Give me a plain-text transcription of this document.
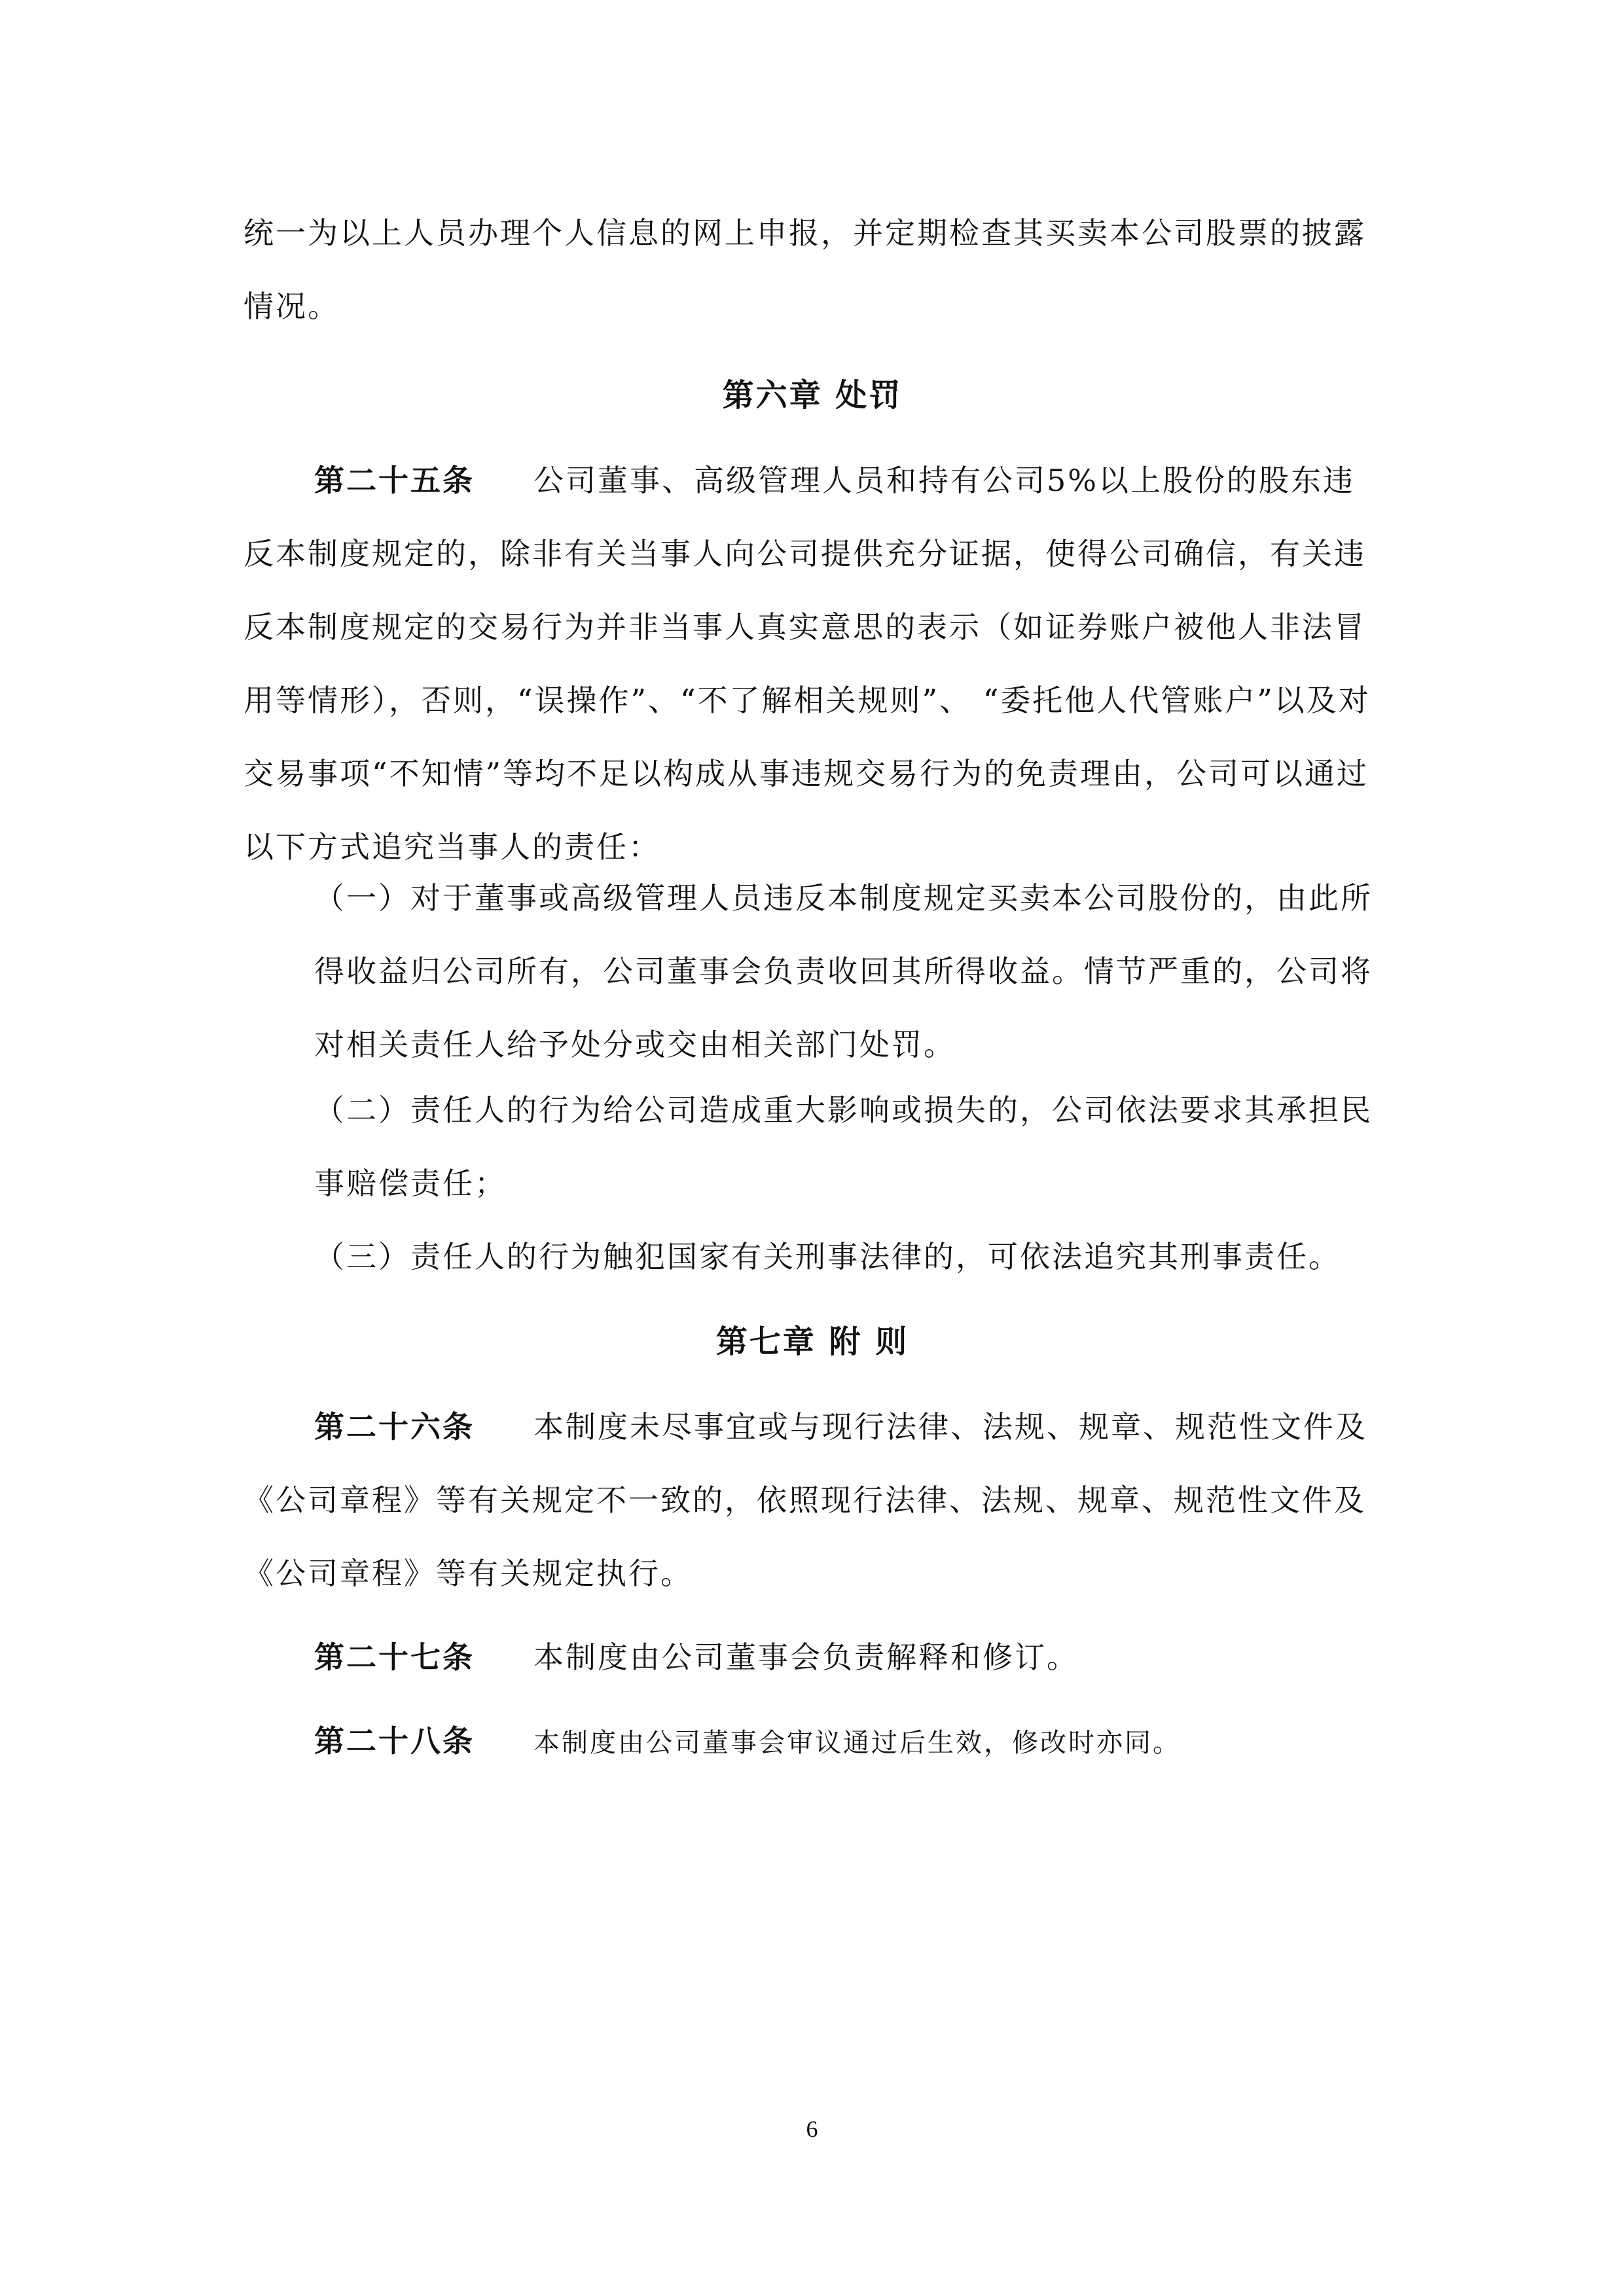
统一为以上人员办理个人信息的网上申报，并定期检查其买卖本公司股票的披露情况。

第六章 处罚

第二十五条 公司董事、高级管理人员和持有公司5%以上股份的股东违反本制度规定的，除非有关当事人向公司提供充分证据，使得公司确信，有关违反本制度规定的交易行为并非当事人真实意思的表示（如证券账户被他人非法冒用等情形），否则，“误操作”、“不了解相关规则”、 “委托他人代管账户”以及对交易事项“不知情”等均不足以构成从事违规交易行为的免责理由，公司可以通过以下方式追究当事人的责任：

（一）对于董事或高级管理人员违反本制度规定买卖本公司股份的，由此所得收益归公司所有，公司董事会负责收回其所得收益。情节严重的，公司将对相关责任人给予处分或交由相关部门处罚。

（二）责任人的行为给公司造成重大影响或损失的，公司依法要求其承担民事赔偿责任；

（三）责任人的行为触犯国家有关刑事法律的，可依法追究其刑事责任。

第七章 附 则

第二十六条 本制度未尽事宜或与现行法律、法规、规章、规范性文件及《公司章程》等有关规定不一致的，依照现行法律、法规、规章、规范性文件及《公司章程》等有关规定执行。

第二十七条 本制度由公司董事会负责解释和修订。

第二十八条 本制度由公司董事会审议通过后生效，修改时亦同。

6
